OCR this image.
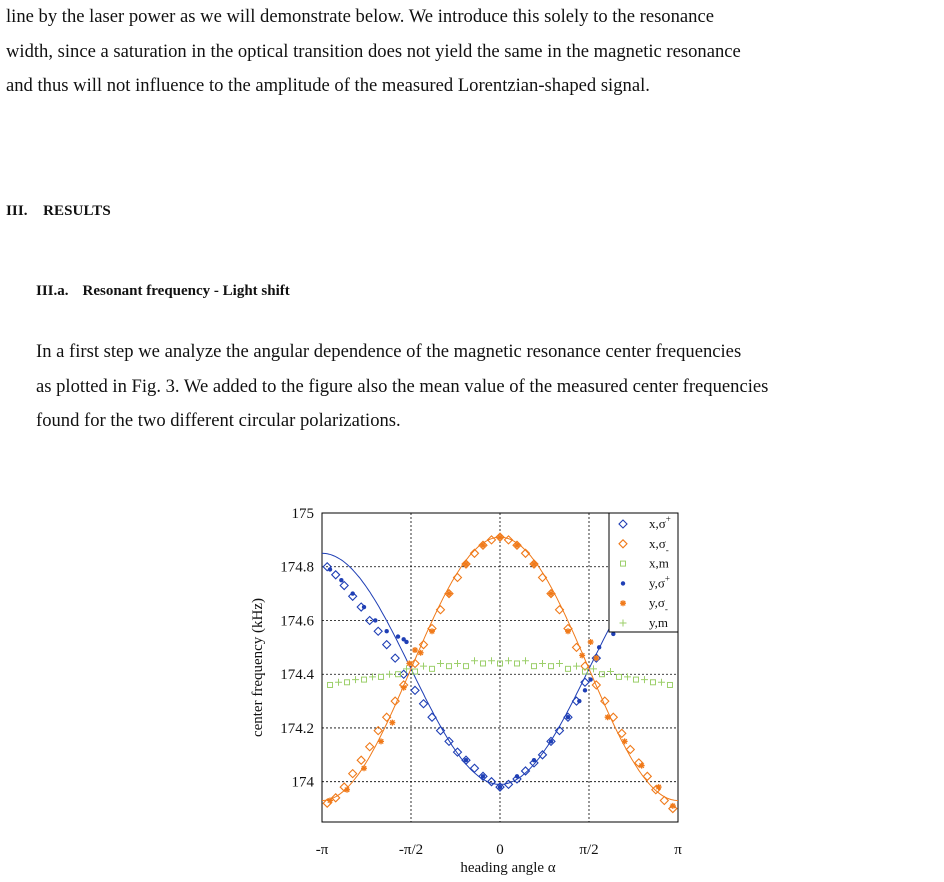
line by the laser power as we will demonstrate below. We introduce this solely to the resonance
width, since a saturation in the optical transition does not yield the same in the magnetic resonance
and thus will not influence to the amplitude of the measured Lorentzian-shaped signal.
III. RESULTS
III.a. Resonant frequency - Light shift
In a first step we analyze the angular dependence of the magnetic resonance center frequencies
as plotted in Fig. 3. We added to the figure also the mean value of the measured center frequencies
found for the two different circular polarizations.
-π	-π/2	0	π/2	π
174
174.2
174.4
174.6
174.8
175
heading angle α
center frequency (kHz)
x,σ+
$x,\sigma_-$
x,m
y,σ+
$y,\sigma_-$
y,m
